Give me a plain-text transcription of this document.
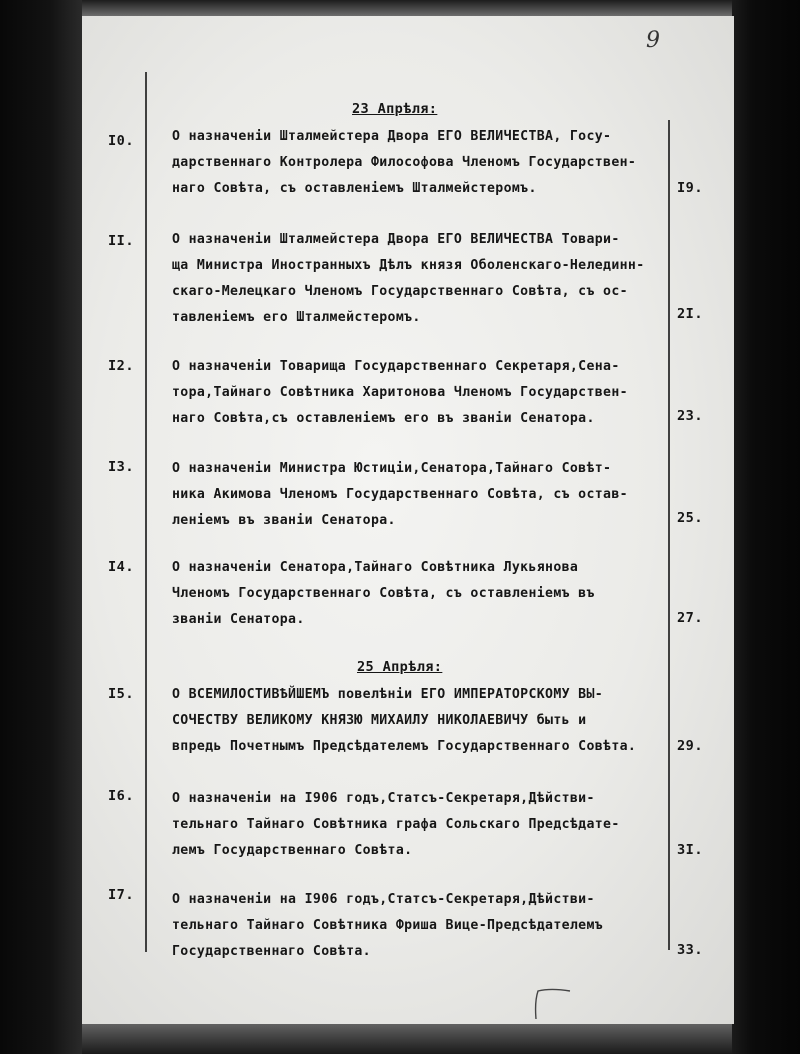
9
23 Апрѣля:
I0.	О назначенiи Шталмейстера Двора ЕГО ВЕЛИЧЕСТВА, Госу-
дарственнаго Контролера Философова Членомъ Государствен-
наго Совѣта, съ оставленiемъ Шталмейстеромъ.	I9.
II.	О назначенiи Шталмейстера Двора ЕГО ВЕЛИЧЕСТВА Товари-
ща Министра Иностранныхъ Дѣлъ князя Оболенскаго-Нелединн-
скаго-Мелецкаго Членомъ Государственнаго Совѣта, съ ос-
тавленiемъ его Шталмейстеромъ.	2I.
I2.	О назначенiи Товарища Государственнаго Секретаря,Сена-
тора,Тайнаго Совѣтника Харитонова Членомъ Государствен-
наго Совѣта,съ оставленiемъ его въ званiи Сенатора.	23.
I3.	О назначенiи Министра Юстицiи,Сенатора,Тайнаго Совѣт-
ника Акимова Членомъ Государственнаго Совѣта, съ остав-
ленiемъ въ званiи Сенатора.	25.
I4.	О назначенiи Сенатора,Тайнаго Совѣтника Лукьянова
Членомъ Государственнаго Совѣта, съ оставленiемъ въ
званiи Сенатора.	27.
25 Апрѣля:
I5.	О ВСЕМИЛОСТИВѢЙШЕМЪ повелѣнiи ЕГО ИМПЕРАТОРСКОМУ ВЫ-
СОЧЕСТВУ ВЕЛИКОМУ КНЯЗЮ МИХАИЛУ НИКОЛАЕВИЧУ быть и
впредь Почетнымъ Предсѣдателемъ Государственнаго Совѣта.	29.
I6.	О назначенiи на I906 годъ,Статсъ-Секретаря,Дѣйстви-
тельнаго Тайнаго Совѣтника графа Сольскаго Предсѣдате-
лемъ Государственнаго Совѣта.	3I.
I7.	О назначенiи на I906 годъ,Статсъ-Секретаря,Дѣйстви-
тельнаго Тайнаго Совѣтника Фриша Вице-Предсѣдателемъ
Государственнаго Совѣта.	33.
